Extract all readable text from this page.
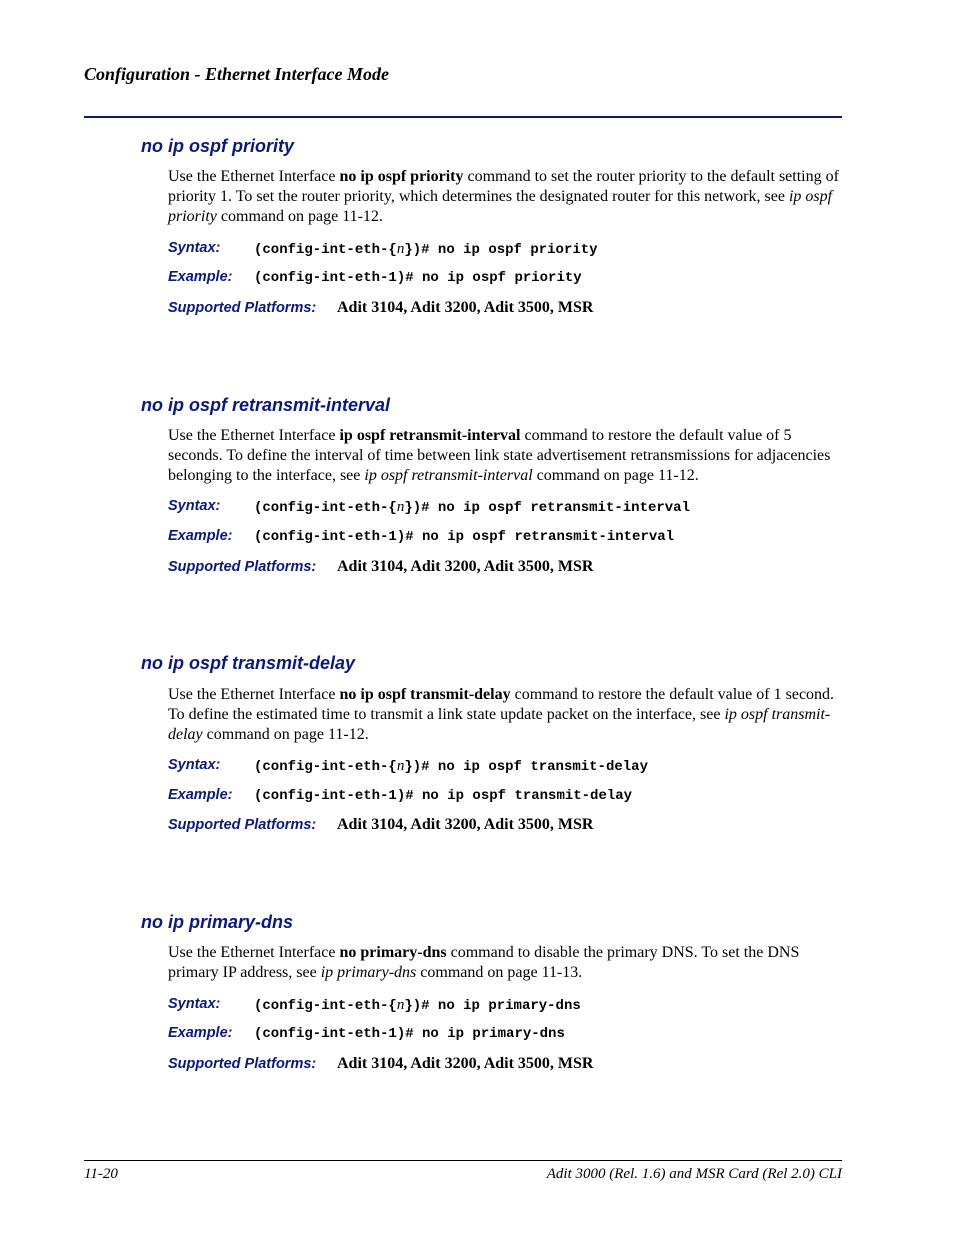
Configuration - Ethernet Interface Mode
no ip ospf priority
Use the Ethernet Interface no ip ospf priority command to set the router priority to the default setting of priority 1. To set the router priority, which determines the designated router for this network, see ip ospf priority command on page 11-12.
Syntax: (config-int-eth-{n})# no ip ospf priority
Example: (config-int-eth-1)# no ip ospf priority
Supported Platforms: Adit 3104, Adit 3200, Adit 3500, MSR
no ip ospf retransmit-interval
Use the Ethernet Interface ip ospf retransmit-interval command to restore the default value of 5 seconds. To define the interval of time between link state advertisement retransmissions for adjacencies belonging to the interface, see ip ospf retransmit-interval command on page 11-12.
Syntax: (config-int-eth-{n})# no ip ospf retransmit-interval
Example: (config-int-eth-1)# no ip ospf retransmit-interval
Supported Platforms: Adit 3104, Adit 3200, Adit 3500, MSR
no ip ospf transmit-delay
Use the Ethernet Interface no ip ospf transmit-delay command to restore the default value of 1 second. To define the estimated time to transmit a link state update packet on the interface, see ip ospf transmit-delay command on page 11-12.
Syntax: (config-int-eth-{n})# no ip ospf transmit-delay
Example: (config-int-eth-1)# no ip ospf transmit-delay
Supported Platforms: Adit 3104, Adit 3200, Adit 3500, MSR
no ip primary-dns
Use the Ethernet Interface no primary-dns command to disable the primary DNS. To set the DNS primary IP address, see ip primary-dns command on page 11-13.
Syntax: (config-int-eth-{n})# no ip primary-dns
Example: (config-int-eth-1)# no ip primary-dns
Supported Platforms: Adit 3104, Adit 3200, Adit 3500, MSR
11-20	Adit 3000 (Rel. 1.6) and MSR Card (Rel 2.0) CLI
